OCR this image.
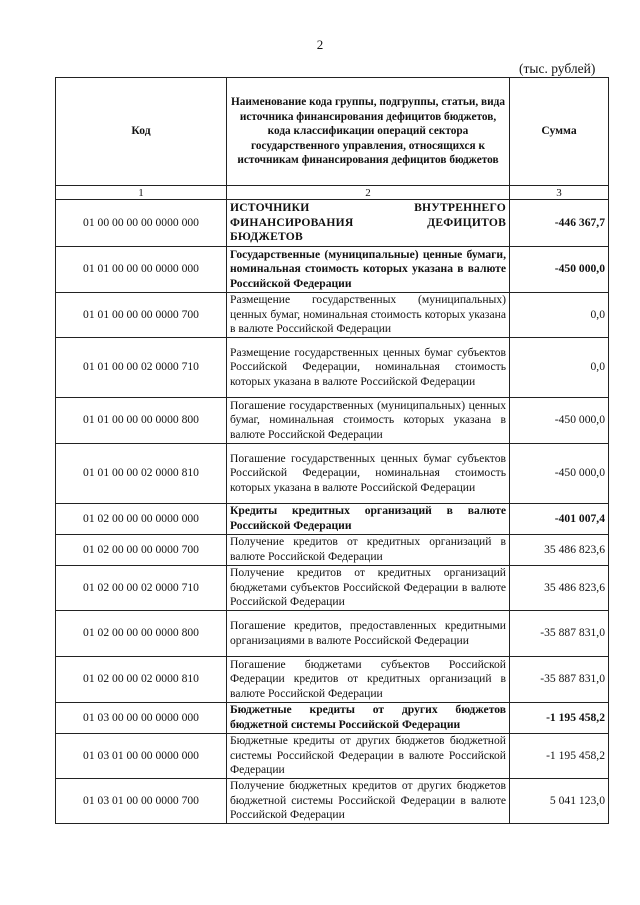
2
(тыс. рублей)
Код	Наименование кода группы, подгруппы, статьи, вида источника финансирования дефицитов бюджетов, кода классификации операций сектора государственного управления, относящихся к источникам финансирования дефицитов бюджетов	Сумма
1	2	3
01 00 00 00 00 0000 000	ИСТОЧНИКИ ВНУТРЕННЕГО ФИНАНСИРОВАНИЯ ДЕФИЦИТОВ БЮДЖЕТОВ	-446 367,7
01 01 00 00 00 0000 000	Государственные (муниципальные) ценные бумаги, номинальная стоимость которых указана в валюте Российской Федерации	-450 000,0
01 01 00 00 00 0000 700	Размещение государственных (муниципальных) ценных бумаг, номинальная стоимость которых указана в валюте Российской Федерации	0,0
01 01 00 00 02 0000 710	Размещение государственных ценных бумаг субъектов Российской Федерации, номинальная стоимость которых указана в валюте Российской Федерации	0,0
01 01 00 00 00 0000 800	Погашение государственных (муниципальных) ценных бумаг, номинальная стоимость которых указана в валюте Российской Федерации	-450 000,0
01 01 00 00 02 0000 810	Погашение государственных ценных бумаг субъектов Российской Федерации, номинальная стоимость которых указана в валюте Российской Федерации	-450 000,0
01 02 00 00 00 0000 000	Кредиты кредитных организаций в валюте Российской Федерации	-401 007,4
01 02 00 00 00 0000 700	Получение кредитов от кредитных организаций в валюте Российской Федерации	35 486 823,6
01 02 00 00 02 0000 710	Получение кредитов от кредитных организаций бюджетами субъектов Российской Федерации в валюте Российской Федерации	35 486 823,6
01 02 00 00 00 0000 800	Погашение кредитов, предоставленных кредитными организациями в валюте Российской Федерации	-35 887 831,0
01 02 00 00 02 0000 810	Погашение бюджетами субъектов Российской Федерации кредитов от кредитных организаций в валюте Российской Федерации	-35 887 831,0
01 03 00 00 00 0000 000	Бюджетные кредиты от других бюджетов бюджетной системы Российской Федерации	-1 195 458,2
01 03 01 00 00 0000 000	Бюджетные кредиты от других бюджетов бюджетной системы Российской Федерации в валюте Российской Федерации	-1 195 458,2
01 03 01 00 00 0000 700	Получение бюджетных кредитов от других бюджетов бюджетной системы Российской Федерации в валюте Российской Федерации	5 041 123,0
